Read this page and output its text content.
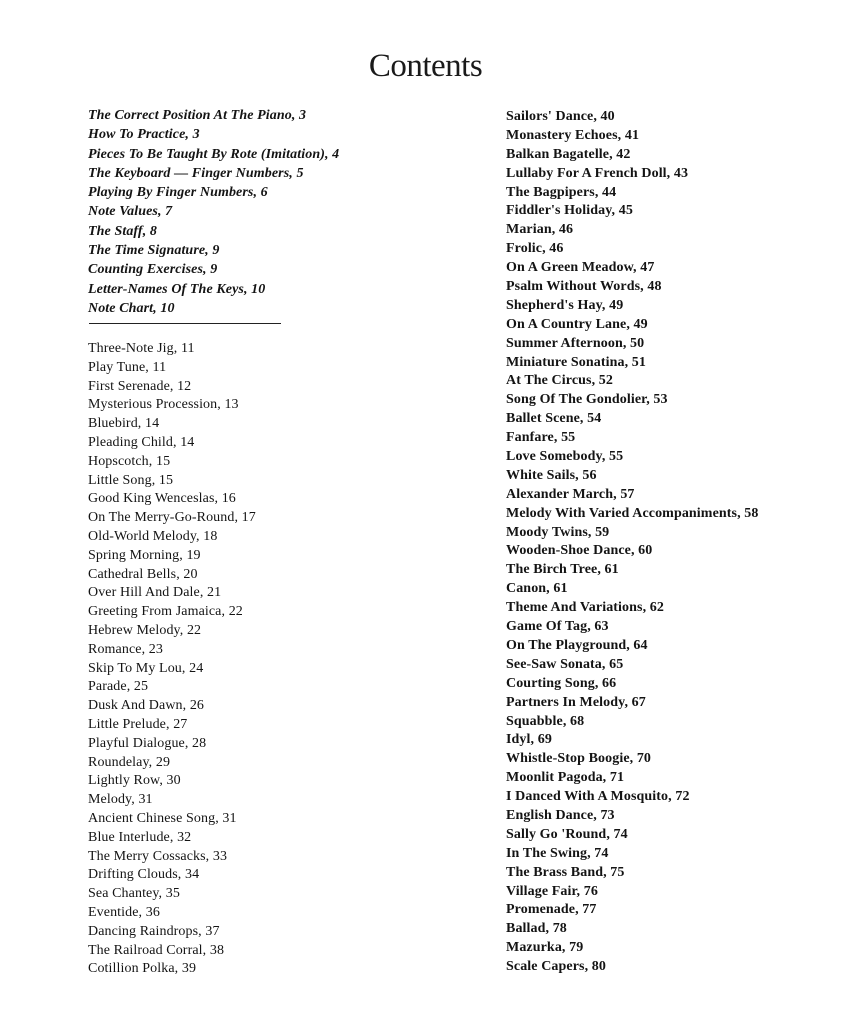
Contents
The Correct Position At The Piano, 3
How To Practice, 3
Pieces To Be Taught By Rote (Imitation), 4
The Keyboard — Finger Numbers, 5
Playing By Finger Numbers, 6
Note Values, 7
The Staff, 8
The Time Signature, 9
Counting Exercises, 9
Letter-Names Of The Keys, 10
Note Chart, 10
Three-Note Jig, 11
Play Tune, 11
First Serenade, 12
Mysterious Procession, 13
Bluebird, 14
Pleading Child, 14
Hopscotch, 15
Little Song, 15
Good King Wenceslas, 16
On The Merry-Go-Round, 17
Old-World Melody, 18
Spring Morning, 19
Cathedral Bells, 20
Over Hill And Dale, 21
Greeting From Jamaica, 22
Hebrew Melody, 22
Romance, 23
Skip To My Lou, 24
Parade, 25
Dusk And Dawn, 26
Little Prelude, 27
Playful Dialogue, 28
Roundelay, 29
Lightly Row, 30
Melody, 31
Ancient Chinese Song, 31
Blue Interlude, 32
The Merry Cossacks, 33
Drifting Clouds, 34
Sea Chantey, 35
Eventide, 36
Dancing Raindrops, 37
The Railroad Corral, 38
Cotillion Polka, 39
Sailors' Dance, 40
Monastery Echoes, 41
Balkan Bagatelle, 42
Lullaby For A French Doll, 43
The Bagpipers, 44
Fiddler's Holiday, 45
Marian, 46
Frolic, 46
On A Green Meadow, 47
Psalm Without Words, 48
Shepherd's Hay, 49
On A Country Lane, 49
Summer Afternoon, 50
Miniature Sonatina, 51
At The Circus, 52
Song Of The Gondolier, 53
Ballet Scene, 54
Fanfare, 55
Love Somebody, 55
White Sails, 56
Alexander March, 57
Melody With Varied Accompaniments, 58
Moody Twins, 59
Wooden-Shoe Dance, 60
The Birch Tree, 61
Canon, 61
Theme And Variations, 62
Game Of Tag, 63
On The Playground, 64
See-Saw Sonata, 65
Courting Song, 66
Partners In Melody, 67
Squabble, 68
Idyl, 69
Whistle-Stop Boogie, 70
Moonlit Pagoda, 71
I Danced With A Mosquito, 72
English Dance, 73
Sally Go 'Round, 74
In The Swing, 74
The Brass Band, 75
Village Fair, 76
Promenade, 77
Ballad, 78
Mazurka, 79
Scale Capers, 80
